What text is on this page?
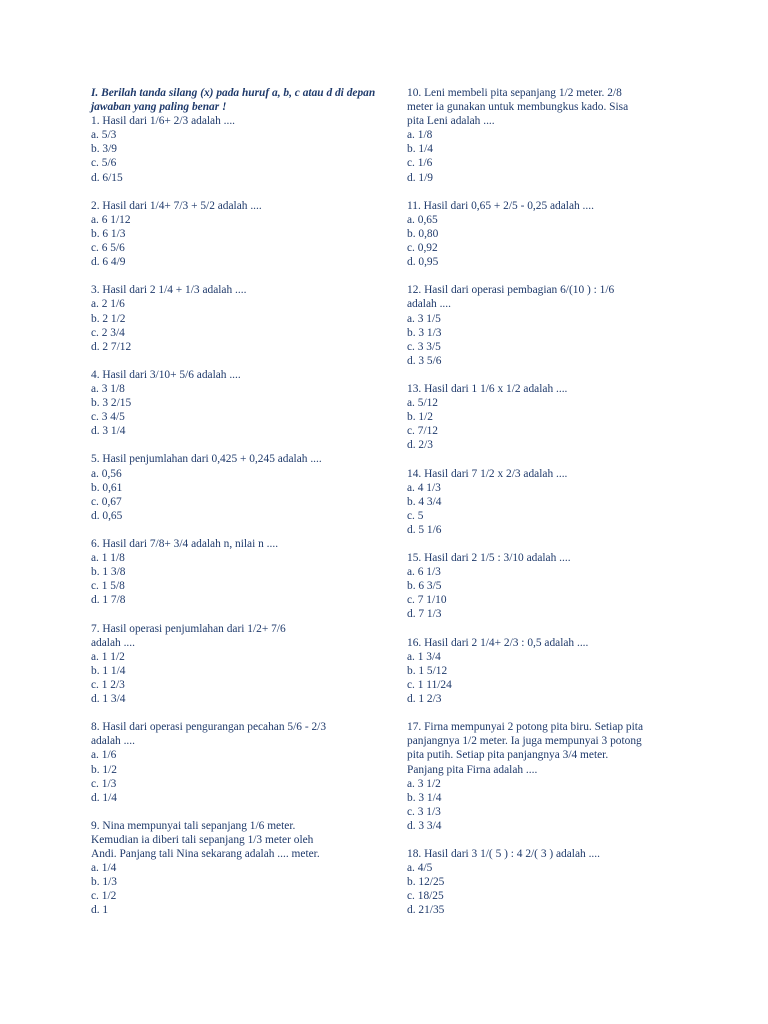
I. Berilah tanda silang (x) pada huruf a, b, c atau d di depan jawaban yang paling benar !

1. Hasil dari 1/6+ 2/3 adalah ....
a. 5/3
b. 3/9
c. 5/6
d. 6/15
2. Hasil dari 1/4+ 7/3 + 5/2 adalah ....
a. 6 1/12
b. 6 1/3
c. 6 5/6
d. 6 4/9
3. Hasil dari 2 1/4 + 1/3 adalah ....
a. 2 1/6
b. 2 1/2
c. 2 3/4
d. 2 7/12
4. Hasil dari 3/10+ 5/6 adalah ....
a. 3 1/8
b. 3 2/15
c. 3 4/5
d. 3 1/4
5. Hasil penjumlahan dari 0,425 + 0,245 adalah ....
a. 0,56
b. 0,61
c. 0,67
d. 0,65
6. Hasil dari 7/8+ 3/4 adalah n, nilai n ....
a. 1 1/8
b. 1 3/8
c. 1 5/8
d. 1 7/8
7. Hasil operasi penjumlahan dari 1/2+ 7/6
adalah ....
a. 1 1/2
b. 1 1/4
c. 1 2/3
d. 1 3/4
8. Hasil dari operasi pengurangan pecahan 5/6 - 2/3
adalah ....
a. 1/6
b. 1/2
c. 1/3
d. 1/4
9. Nina mempunyai tali sepanjang 1/6 meter.
Kemudian ia diberi tali sepanjang 1/3 meter oleh
Andi. Panjang tali Nina sekarang adalah .... meter.
a. 1/4
b. 1/3
c. 1/2
d. 1
10. Leni membeli pita sepanjang 1/2 meter. 2/8
meter ia gunakan untuk membungkus kado. Sisa
pita Leni adalah ....
a. 1/8
b. 1/4
c. 1/6
d. 1/9
11. Hasil dari 0,65 + 2/5 - 0,25 adalah ....
a. 0,65
b. 0,80
c. 0,92
d. 0,95
12. Hasil dari operasi pembagian 6/(10 ) : 1/6
adalah ....
a. 3 1/5
b. 3 1/3
c. 3 3/5
d. 3 5/6
13. Hasil dari 1 1/6 x 1/2 adalah ....
a. 5/12
b. 1/2
c. 7/12
d. 2/3
14. Hasil dari 7 1/2 x 2/3 adalah ....
a. 4 1/3
b. 4 3/4
c. 5
d. 5 1/6
15. Hasil dari 2 1/5 : 3/10 adalah ....
a. 6 1/3
b. 6 3/5
c. 7 1/10
d. 7 1/3
16. Hasil dari 2 1/4+ 2/3 : 0,5 adalah ....
a. 1 3/4
b. 1 5/12
c. 1 11/24
d. 1 2/3
17. Firna mempunyai 2 potong pita biru. Setiap pita
panjangnya 1/2 meter. Ia juga mempunyai 3 potong
pita putih. Setiap pita panjangnya 3/4 meter.
Panjang pita Firna adalah ....
a. 3 1/2
b. 3 1/4
c. 3 1/3
d. 3 3/4
18. Hasil dari 3 1/( 5 ) : 4 2/( 3 ) adalah ....
a. 4/5
b. 12/25
c. 18/25
d. 21/35
